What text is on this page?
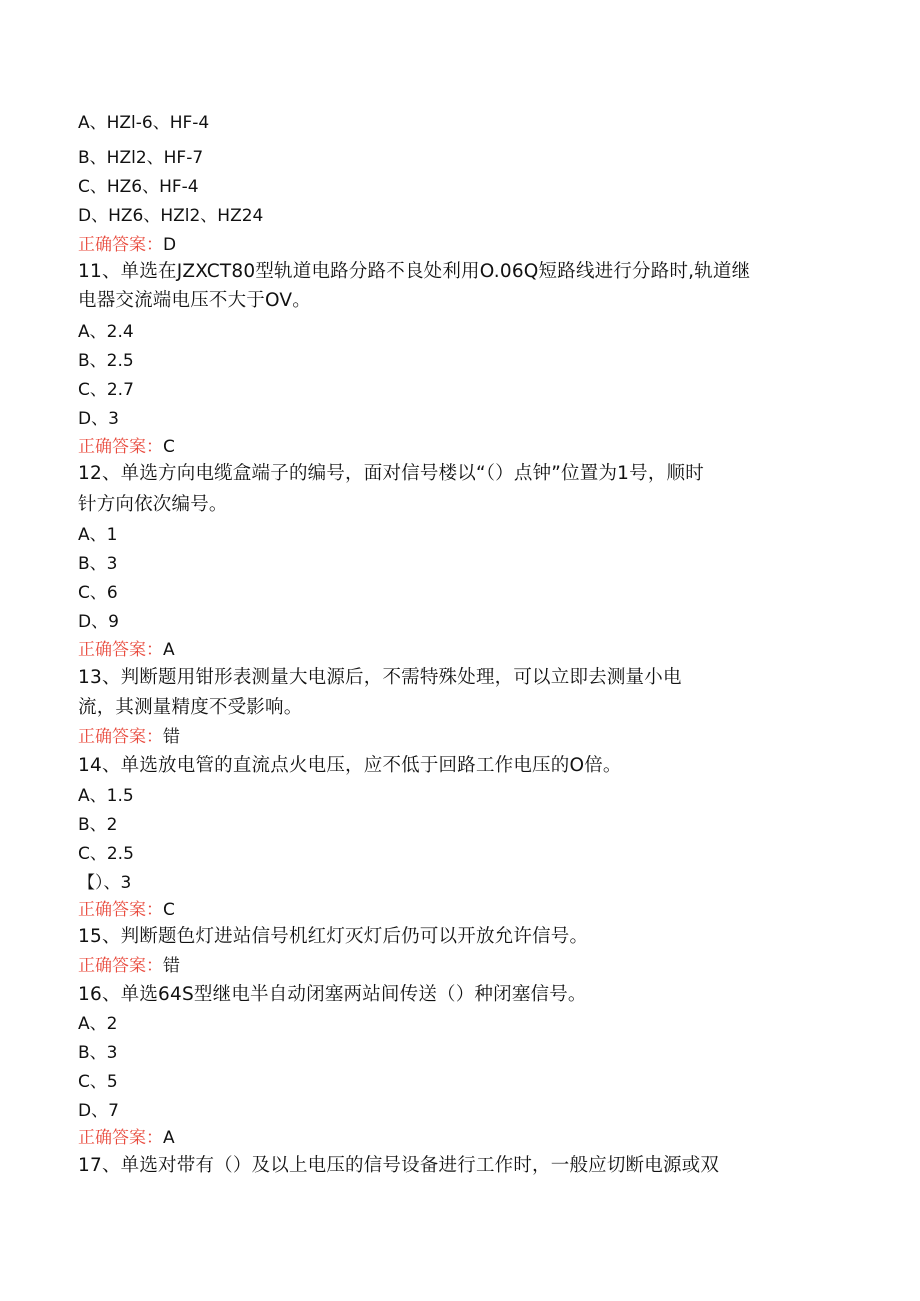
A、HZl-6、HF-4
B、HZl2、HF-7
C、HZ6、HF-4
D、HZ6、HZl2、HZ24
正确答案：D
11、单选在JZXCT80型轨道电路分路不良处利用O.06Q短路线进行分路时,轨道继
电器交流端电压不大于OV。
A、2.4
B、2.5
C、2.7
D、3
正确答案：C
12、单选方向电缆盒端子的编号，面对信号楼以“（）点钟”位置为1号，顺时
针方向依次编号。
A、1
B、3
C、6
D、9
正确答案：A
13、判断题用钳形表测量大电源后，不需特殊处理，可以立即去测量小电
流，其测量精度不受影响。
正确答案：错
14、单选放电管的直流点火电压，应不低于回路工作电压的O倍。
A、1.5
B、2
C、2.5
【）、3
正确答案：C
15、判断题色灯进站信号机红灯灭灯后仍可以开放允许信号。
正确答案：错
16、单选64S型继电半自动闭塞两站间传送（）种闭塞信号。
A、2
B、3
C、5
D、7
正确答案：A
17、单选对带有（）及以上电压的信号设备进行工作时，一般应切断电源或双
